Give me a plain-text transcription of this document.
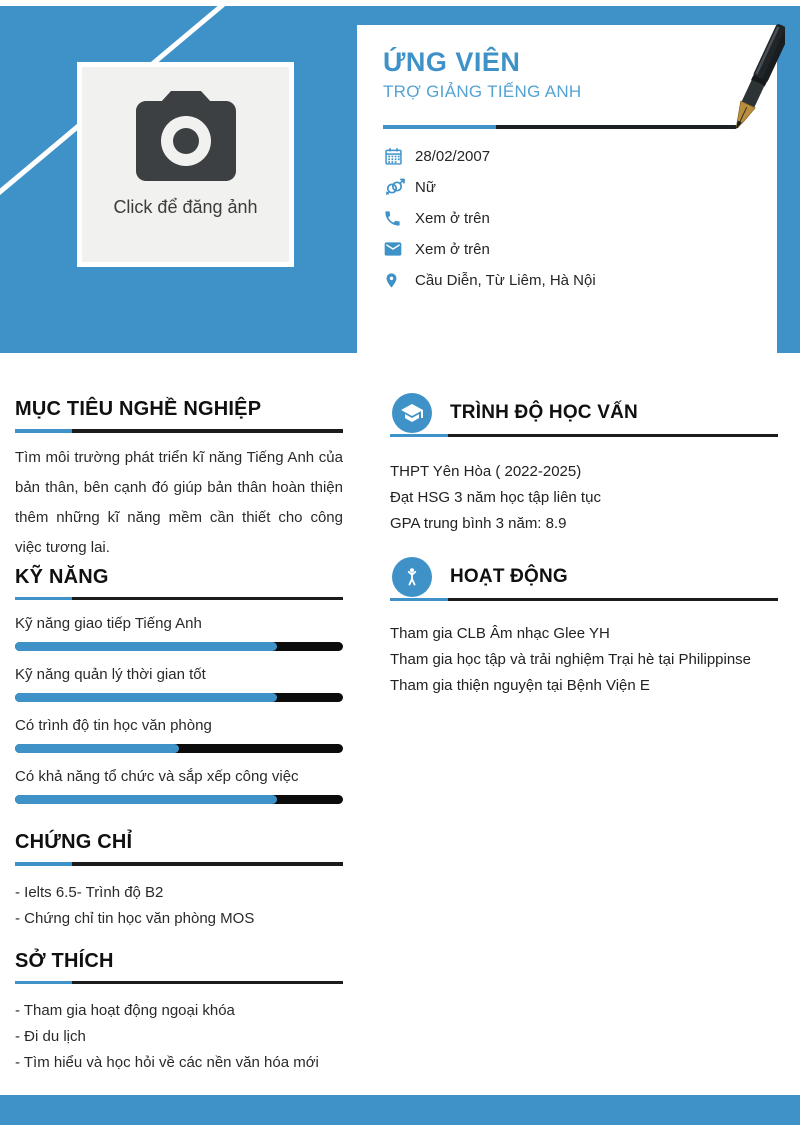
Click để đăng ảnh
ỨNG VIÊN
TRỢ GIẢNG TIẾNG ANH
28/02/2007
Nữ
Xem ở trên
Xem ở trên
Cầu Diễn, Từ Liêm, Hà Nội
MỤC TIÊU NGHỀ NGHIỆP

Tìm môi trường phát triển kĩ năng Tiếng Anh của bản thân, bên cạnh đó giúp bản thân hoàn thiện thêm những kĩ năng mềm cần thiết cho công việc tương lai.

KỸ NĂNG
Kỹ năng giao tiếp Tiếng Anh
Kỹ năng quản lý thời gian tốt
Có trình độ tin học văn phòng
Có khả năng tổ chức và sắp xếp công việc
CHỨNG CHỈ
- Ielts 6.5- Trình độ B2
- Chứng chỉ tin học văn phòng MOS
SỞ THÍCH
- Tham gia hoạt động ngoại khóa
- Đi du lịch
- Tìm hiểu và học hỏi về các nền văn hóa mới
TRÌNH ĐỘ HỌC VẤN
THPT Yên Hòa ( 2022-2025)
Đạt HSG 3 năm học tập liên tục
GPA trung bình 3 năm: 8.9
HOẠT ĐỘNG
Tham gia CLB Âm nhạc Glee YH
Tham gia học tập và trải nghiệm Trại hè tại Philippinse
Tham gia thiện nguyện tại Bệnh Viện E
